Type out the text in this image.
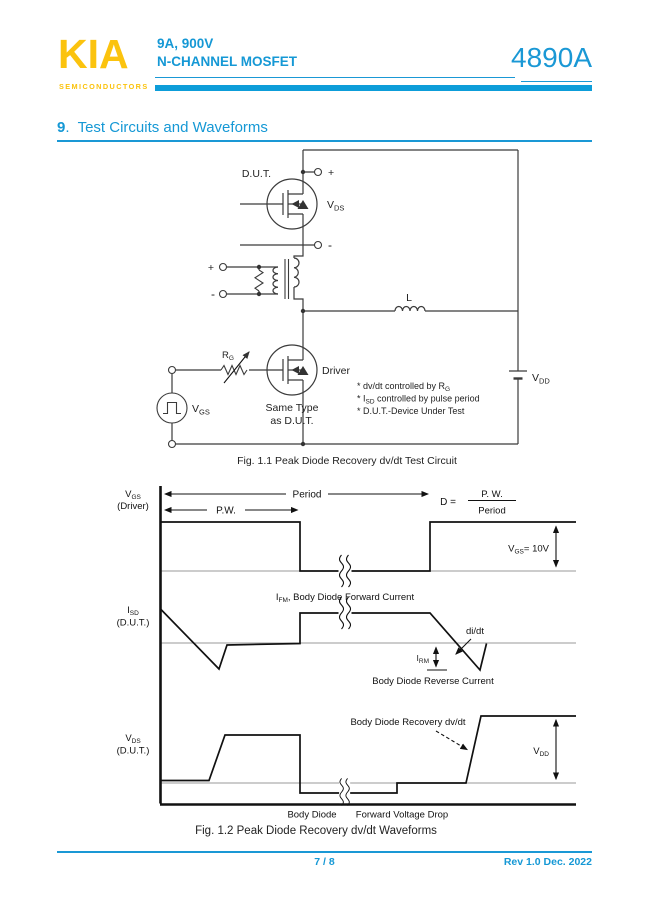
KIA
SEMICONDUCTORS
9A, 900V
N-CHANNEL MOSFET	4890A
9.  Test Circuits and Waveforms
D.U.T.	+
$V_{DS}$
-
+
-	L
$V_{DD}$
$R_G$
Driver
Same Type
as D.U.T.
$V_{GS}$
* dv/dt controlled by $R_G$
* $I_{SD}$ controlled by pulse period
* D.U.T.-Device Under Test
Fig. 1.1 Peak Diode Recovery dv/dt Test Circuit
$V_{GS}$
(Driver)
$I_{SD}$
(D.U.T.)
$V_{DS}$
(D.U.T.)
P.W.
Period
D =
P. W.
Period
$V_{GS}= 10V$
$I_{FM}$, Body Diode Forward Current
di/dt
$I_{RM}$
Body Diode Reverse Current
Body Diode Recovery dv/dt
$V_{DD}$
Body Diode Forward Voltage Drop
Fig. 1.2 Peak Diode Recovery dv/dt Waveforms
7 / 8	Rev 1.0 Dec. 2022
